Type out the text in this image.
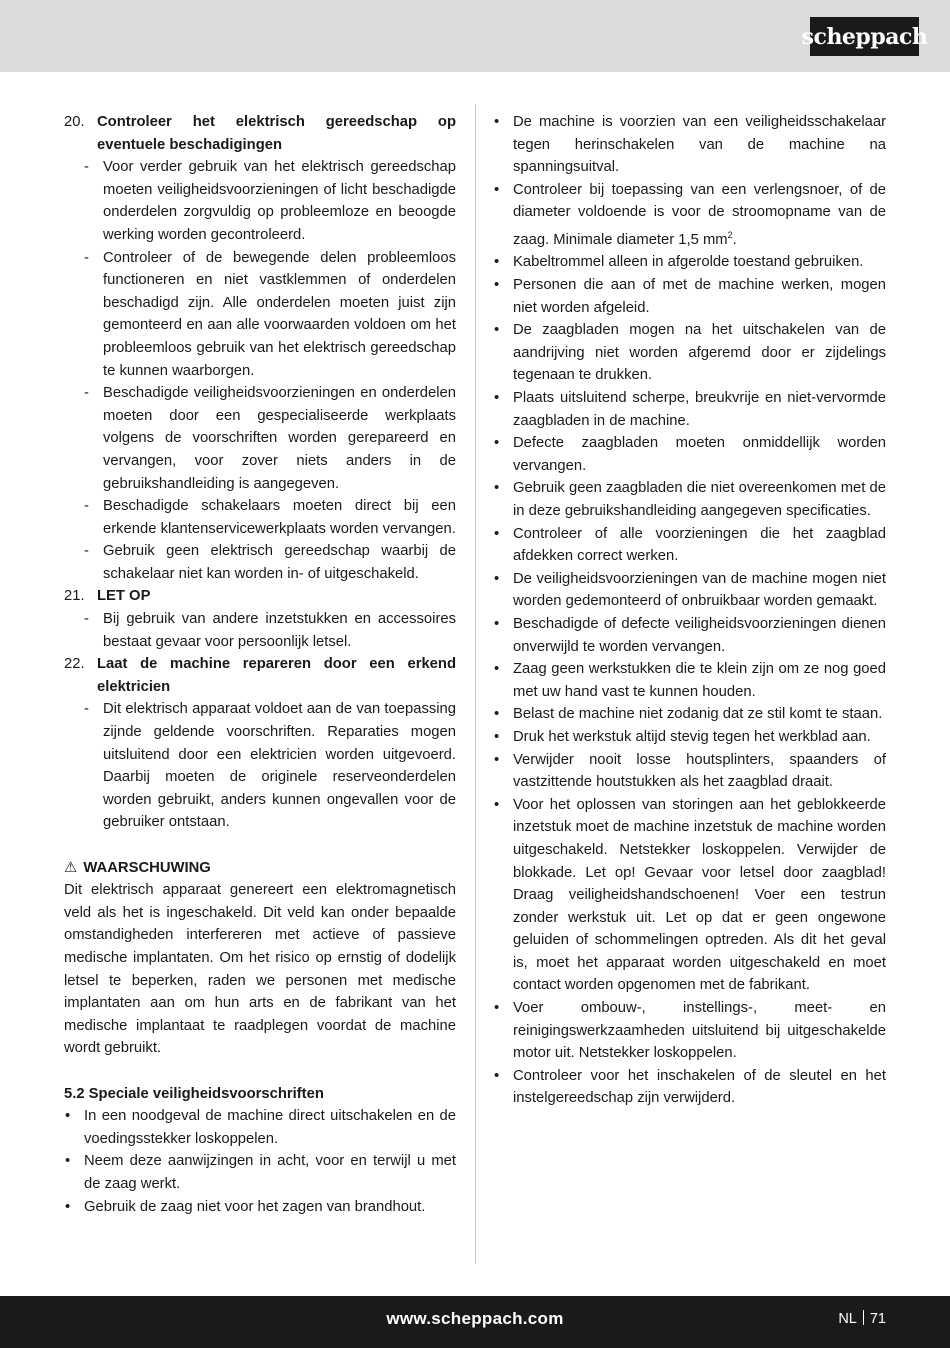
scheppach
20. Controleer het elektrisch gereedschap op eventuele beschadigingen
- Voor verder gebruik van het elektrisch gereedschap moeten veiligheidsvoorzieningen of licht beschadigde onderdelen zorgvuldig op probleemloze en beoogde werking worden gecontroleerd.
- Controleer of de bewegende delen probleemloos functioneren en niet vastklemmen of onderdelen beschadigd zijn. Alle onderdelen moeten juist zijn gemonteerd en aan alle voorwaarden voldoen om het probleemloos gebruik van het elektrisch gereedschap te kunnen waarborgen.
- Beschadigde veiligheidsvoorzieningen en onderdelen moeten door een gespecialiseerde werkplaats volgens de voorschriften worden gerepareerd en vervangen, voor zover niets anders in de gebruikshandleiding is aangegeven.
- Beschadigde schakelaars moeten direct bij een erkende klantenservicewerkplaats worden vervangen.
- Gebruik geen elektrisch gereedschap waarbij de schakelaar niet kan worden in- of uitgeschakeld.
21. LET OP
- Bij gebruik van andere inzetstukken en accessoires bestaat gevaar voor persoonlijk letsel.
22. Laat de machine repareren door een erkend elektricien
- Dit elektrisch apparaat voldoet aan de van toepassing zijnde geldende voorschriften. Reparaties mogen uitsluitend door een elektricien worden uitgevoerd. Daarbij moeten de originele reserveonderdelen worden gebruikt, anders kunnen ongevallen voor de gebruiker ontstaan.
⚠ WAARSCHUWING
Dit elektrisch apparaat genereert een elektromagnetisch veld als het is ingeschakeld. Dit veld kan onder bepaalde omstandigheden interfereren met actieve of passieve medische implantaten. Om het risico op ernstig of dodelijk letsel te beperken, raden we personen met medische implantaten aan om hun arts en de fabrikant van het medische implantaat te raadplegen voordat de machine wordt gebruikt.
5.2 Speciale veiligheidsvoorschriften
• In een noodgeval de machine direct uitschakelen en de voedingsstekker loskoppelen.
• Neem deze aanwijzingen in acht, voor en terwijl u met de zaag werkt.
• Gebruik de zaag niet voor het zagen van brandhout.
• De machine is voorzien van een veiligheidsschakelaar tegen herinschakelen van de machine na spanningsuitval.
• Controleer bij toepassing van een verlengsnoer, of de diameter voldoende is voor de stroomopname van de zaag. Minimale diameter 1,5 $mm^2$.
• Kabeltrommel alleen in afgerolde toestand gebruiken.
• Personen die aan of met de machine werken, mogen niet worden afgeleid.
• De zaagbladen mogen na het uitschakelen van de aandrijving niet worden afgeremd door er zijdelings tegenaan te drukken.
• Plaats uitsluitend scherpe, breukvrije en niet-vervormde zaagbladen in de machine.
• Defecte zaagbladen moeten onmiddellijk worden vervangen.
• Gebruik geen zaagbladen die niet overeenkomen met de in deze gebruikshandleiding aangegeven specificaties.
• Controleer of alle voorzieningen die het zaagblad afdekken correct werken.
• De veiligheidsvoorzieningen van de machine mogen niet worden gedemonteerd of onbruikbaar worden gemaakt.
• Beschadigde of defecte veiligheidsvoorzieningen dienen onverwijld te worden vervangen.
• Zaag geen werkstukken die te klein zijn om ze nog goed met uw hand vast te kunnen houden.
• Belast de machine niet zodanig dat ze stil komt te staan.
• Druk het werkstuk altijd stevig tegen het werkblad aan.
• Verwijder nooit losse houtsplinters, spaanders of vastzittende houtstukken als het zaagblad draait.
• Voor het oplossen van storingen aan het geblokkeerde inzetstuk moet de machine inzetstuk de machine worden uitgeschakeld. Netstekker loskoppelen. Verwijder de blokkade. Let op! Gevaar voor letsel door zaagblad! Draag veiligheidshandschoenen! Voer een testrun zonder werkstuk uit. Let op dat er geen ongewone geluiden of schommelingen optreden. Als dit het geval is, moet het apparaat worden uitgeschakeld en moet contact worden opgenomen met de fabrikant.
• Voer ombouw-, instellings-, meet- en reinigingswerkzaamheden uitsluitend bij uitgeschakelde motor uit. Netstekker loskoppelen.
• Controleer voor het inschakelen of de sleutel en het instelgereedschap zijn verwijderd.
www.scheppach.com	NL 71
